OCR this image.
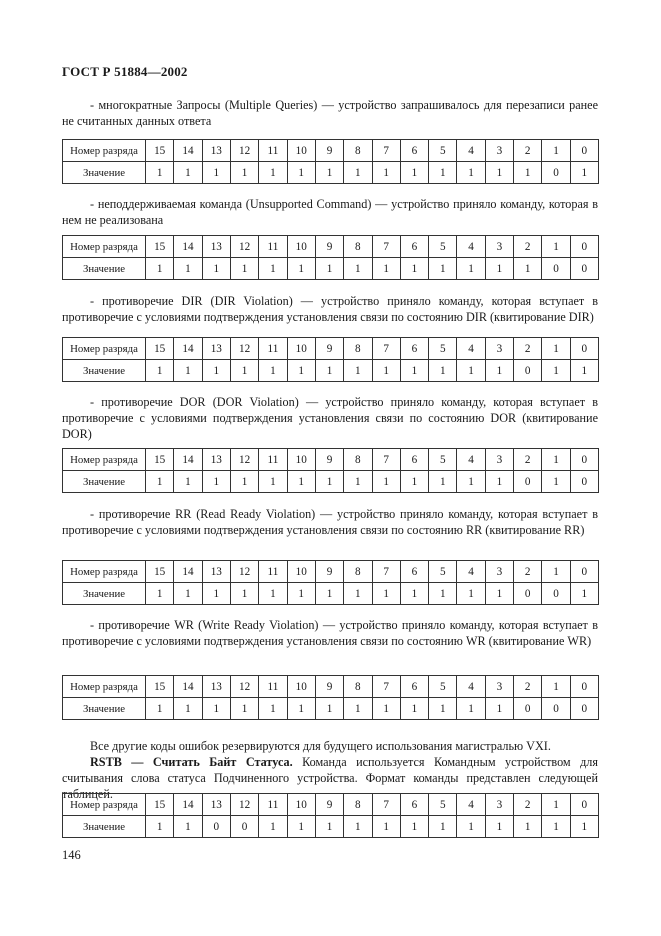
ГОСТ Р 51884—2002
- многократные Запросы (Multiple Queries) — устройство запрашивалось для перезаписи ранее не считанных данных ответа
Номер разряда	15	14	13	12	11	10	9	8	7	6	5	4	3	2	1	0
Значение	1	1	1	1	1	1	1	1	1	1	1	1	1	1	0	1
- неподдерживаемая команда (Unsupported Command) — устройство приняло команду, которая в нем не реализована
Номер разряда	15	14	13	12	11	10	9	8	7	6	5	4	3	2	1	0
Значение	1	1	1	1	1	1	1	1	1	1	1	1	1	1	0	0
- противоречие DIR (DIR Violation) — устройство приняло команду, которая вступает в противоречие с условиями подтверждения установления связи по состоянию DIR (квитирование DIR)
Номер разряда	15	14	13	12	11	10	9	8	7	6	5	4	3	2	1	0
Значение	1	1	1	1	1	1	1	1	1	1	1	1	1	0	1	1
- противоречие DOR (DOR Violation) — устройство приняло команду, которая вступает в противоречие с условиями подтверждения установления связи по состоянию DOR (квитирование DOR)
Номер разряда	15	14	13	12	11	10	9	8	7	6	5	4	3	2	1	0
Значение	1	1	1	1	1	1	1	1	1	1	1	1	1	0	1	0
- противоречие RR (Read Ready Violation) — устройство приняло команду, которая вступает в противоречие с условиями подтверждения установления связи по состоянию RR (квитирование RR)
Номер разряда	15	14	13	12	11	10	9	8	7	6	5	4	3	2	1	0
Значение	1	1	1	1	1	1	1	1	1	1	1	1	1	0	0	1
- противоречие WR (Write Ready Violation) — устройство приняло команду, которая вступает в противоречие с условиями подтверждения установления связи по состоянию WR (квитирование WR)
Номер разряда	15	14	13	12	11	10	9	8	7	6	5	4	3	2	1	0
Значение	1	1	1	1	1	1	1	1	1	1	1	1	1	0	0	0
Все другие коды ошибок резервируются для будущего использования магистралью VXI.
RSTB — Считать Байт Статуса. Команда используется Командным устройством для считывания слова статуса Подчиненного устройства. Формат команды представлен следующей таблицей.
Номер разряда	15	14	13	12	11	10	9	8	7	6	5	4	3	2	1	0
Значение	1	1	0	0	1	1	1	1	1	1	1	1	1	1	1	1
146
